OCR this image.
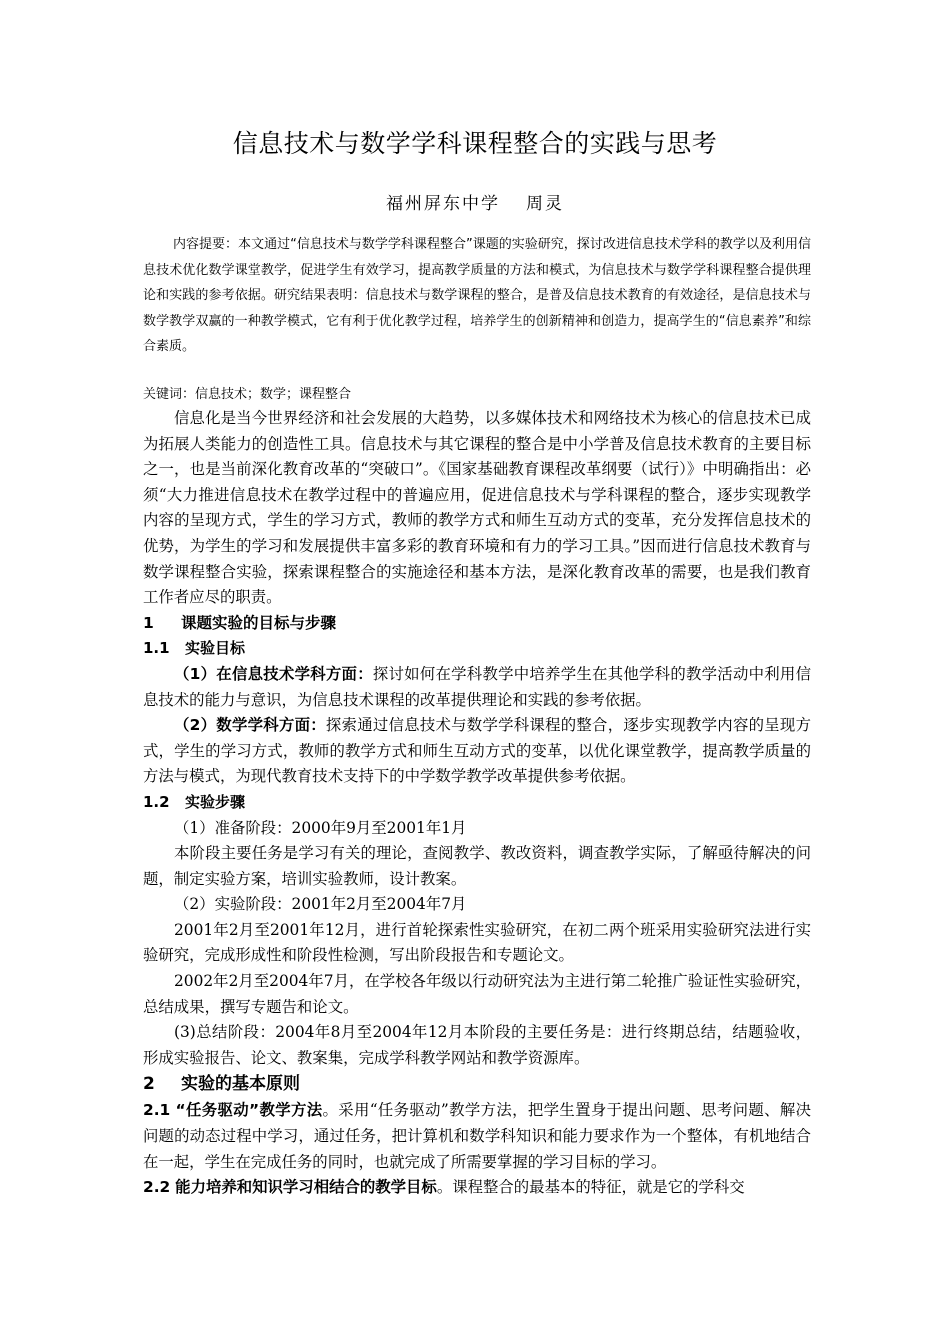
信息技术与数学学科课程整合的实践与思考
福州屏东中学 周灵

内容提要：本文通过“信息技术与数学学科课程整合”课题的实验研究，探讨改进信息技术学科的教学以及利用信息技术优化数学课堂教学，促进学生有效学习，提高教学质量的方法和模式，为信息技术与数学学科课程整合提供理论和实践的参考依据。研究结果表明：信息技术与数学课程的整合，是普及信息技术教育的有效途径，是信息技术与数学教学双赢的一种教学模式，它有利于优化教学过程，培养学生的创新精神和创造力，提高学生的“信息素养”和综合素质。

关键词：信息技术；数学；课程整合

信息化是当今世界经济和社会发展的大趋势，以多媒体技术和网络技术为核心的信息技术已成为拓展人类能力的创造性工具。信息技术与其它课程的整合是中小学普及信息技术教育的主要目标之一，也是当前深化教育改革的“突破口”。《国家基础教育课程改革纲要（试行）》中明确指出：必须“大力推进信息技术在教学过程中的普遍应用，促进信息技术与学科课程的整合，逐步实现教学内容的呈现方式，学生的学习方式，教师的教学方式和师生互动方式的变革，充分发挥信息技术的优势，为学生的学习和发展提供丰富多彩的教育环境和有力的学习工具。”因而进行信息技术教育与数学课程整合实验，探索课程整合的实施途径和基本方法，是深化教育改革的需要，也是我们教育工作者应尽的职责。

1 课题实验的目标与步骤

1.1 实验目标

（1）在信息技术学科方面：探讨如何在学科教学中培养学生在其他学科的教学活动中利用信息技术的能力与意识，为信息技术课程的改革提供理论和实践的参考依据。

（2）数学学科方面：探索通过信息技术与数学学科课程的整合，逐步实现教学内容的呈现方式，学生的学习方式，教师的教学方式和师生互动方式的变革，以优化课堂教学，提高教学质量的方法与模式，为现代教育技术支持下的中学数学教学改革提供参考依据。

1.2 实验步骤

（1）准备阶段：2000年9月至2001年1月

本阶段主要任务是学习有关的理论，查阅教学、教改资料，调查教学实际，了解亟待解决的问题，制定实验方案，培训实验教师，设计教案。

（2）实验阶段：2001年2月至2004年7月

2001年2月至2001年12月，进行首轮探索性实验研究，在初二两个班采用实验研究法进行实验研究，完成形成性和阶段性检测，写出阶段报告和专题论文。

2002年2月至2004年7月，在学校各年级以行动研究法为主进行第二轮推广验证性实验研究，总结成果，撰写专题告和论文。

(3)总结阶段：2004年8月至2004年12月本阶段的主要任务是：进行终期总结，结题验收，形成实验报告、论文、教案集，完成学科教学网站和教学资源库。

2 实验的基本原则

2.1 “任务驱动”教学方法。采用“任务驱动”教学方法，把学生置身于提出问题、思考问题、解决问题的动态过程中学习，通过任务，把计算机和数学科知识和能力要求作为一个整体，有机地结合在一起，学生在完成任务的同时，也就完成了所需要掌握的学习目标的学习。

2.2 能力培养和知识学习相结合的教学目标。课程整合的最基本的特征，就是它的学科交
